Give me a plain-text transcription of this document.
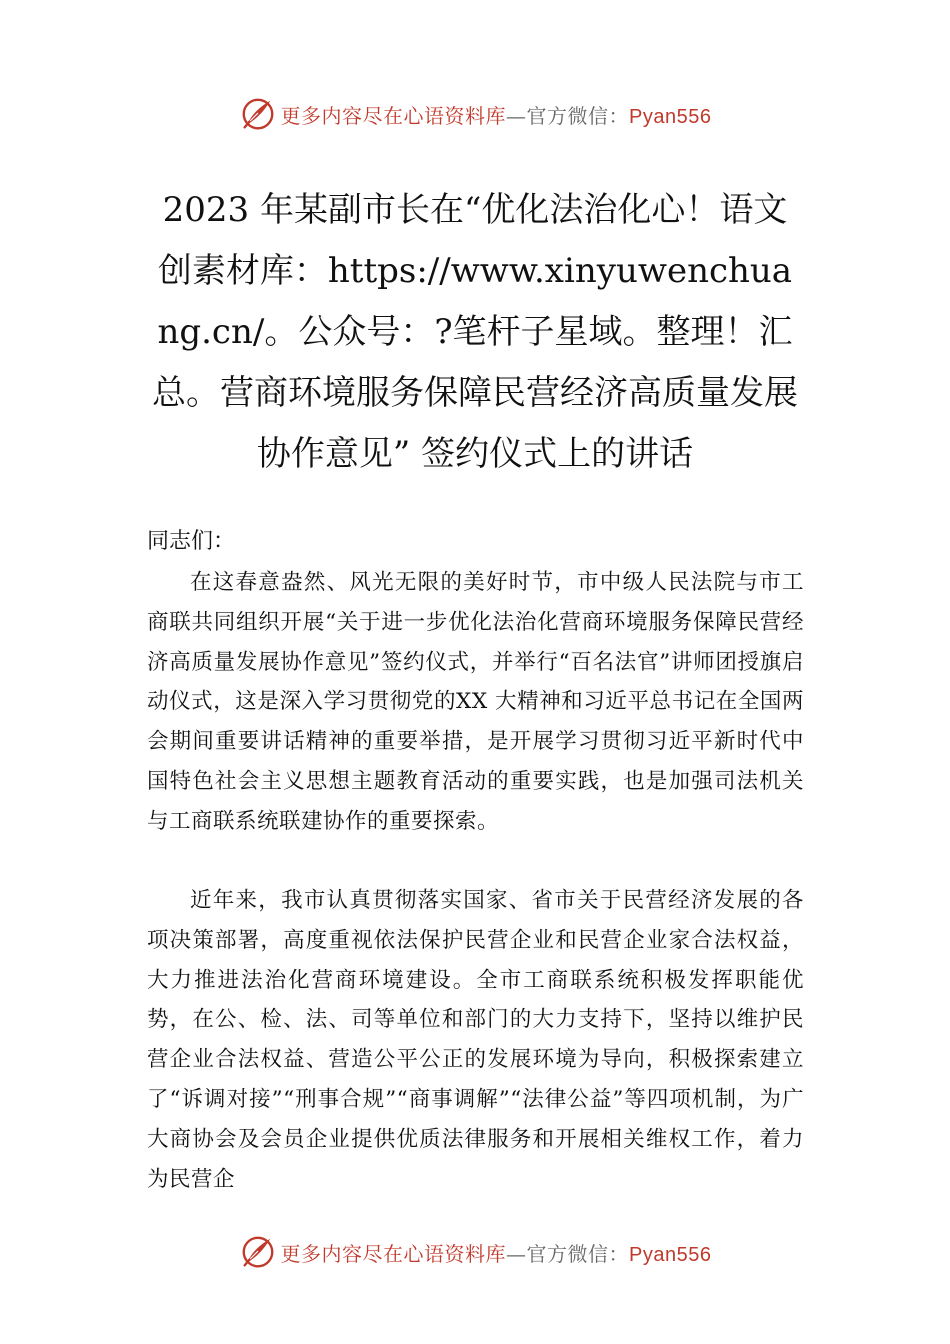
更多内容尽在心语资料库—官方微信：Pyan556
2023 年某副市长在“优化法治化心！语文创素材库：https://www.xinyuwenchuang.cn/。公众号：?笔杆子星域。整理！汇总。营商环境服务保障民营经济高质量发展协作意见” 签约仪式上的讲话

同志们：

在这春意盎然、风光无限的美好时节，市中级人民法院与市工商联共同组织开展“关于进一步优化法治化营商环境服务保障民营经济高质量发展协作意见”签约仪式，并举行“百名法官”讲师团授旗启动仪式，这是深入学习贯彻党的XX 大精神和习近平总书记在全国两会期间重要讲话精神的重要举措，是开展学习贯彻习近平新时代中国特色社会主义思想主题教育活动的重要实践，也是加强司法机关与工商联系统联建协作的重要探索。

近年来，我市认真贯彻落实国家、省市关于民营经济发展的各项决策部署，高度重视依法保护民营企业和民营企业家合法权益，大力推进法治化营商环境建设。全市工商联系统积极发挥职能优势，在公、检、法、司等单位和部门的大力支持下，坚持以维护民营企业合法权益、营造公平公正的发展环境为导向，积极探索建立了“诉调对接”“刑事合规”“商事调解”“法律公益”等四项机制，为广大商协会及会员企业提供优质法律服务和开展相关维权工作，着力为民营企

更多内容尽在心语资料库—官方微信：Pyan556
